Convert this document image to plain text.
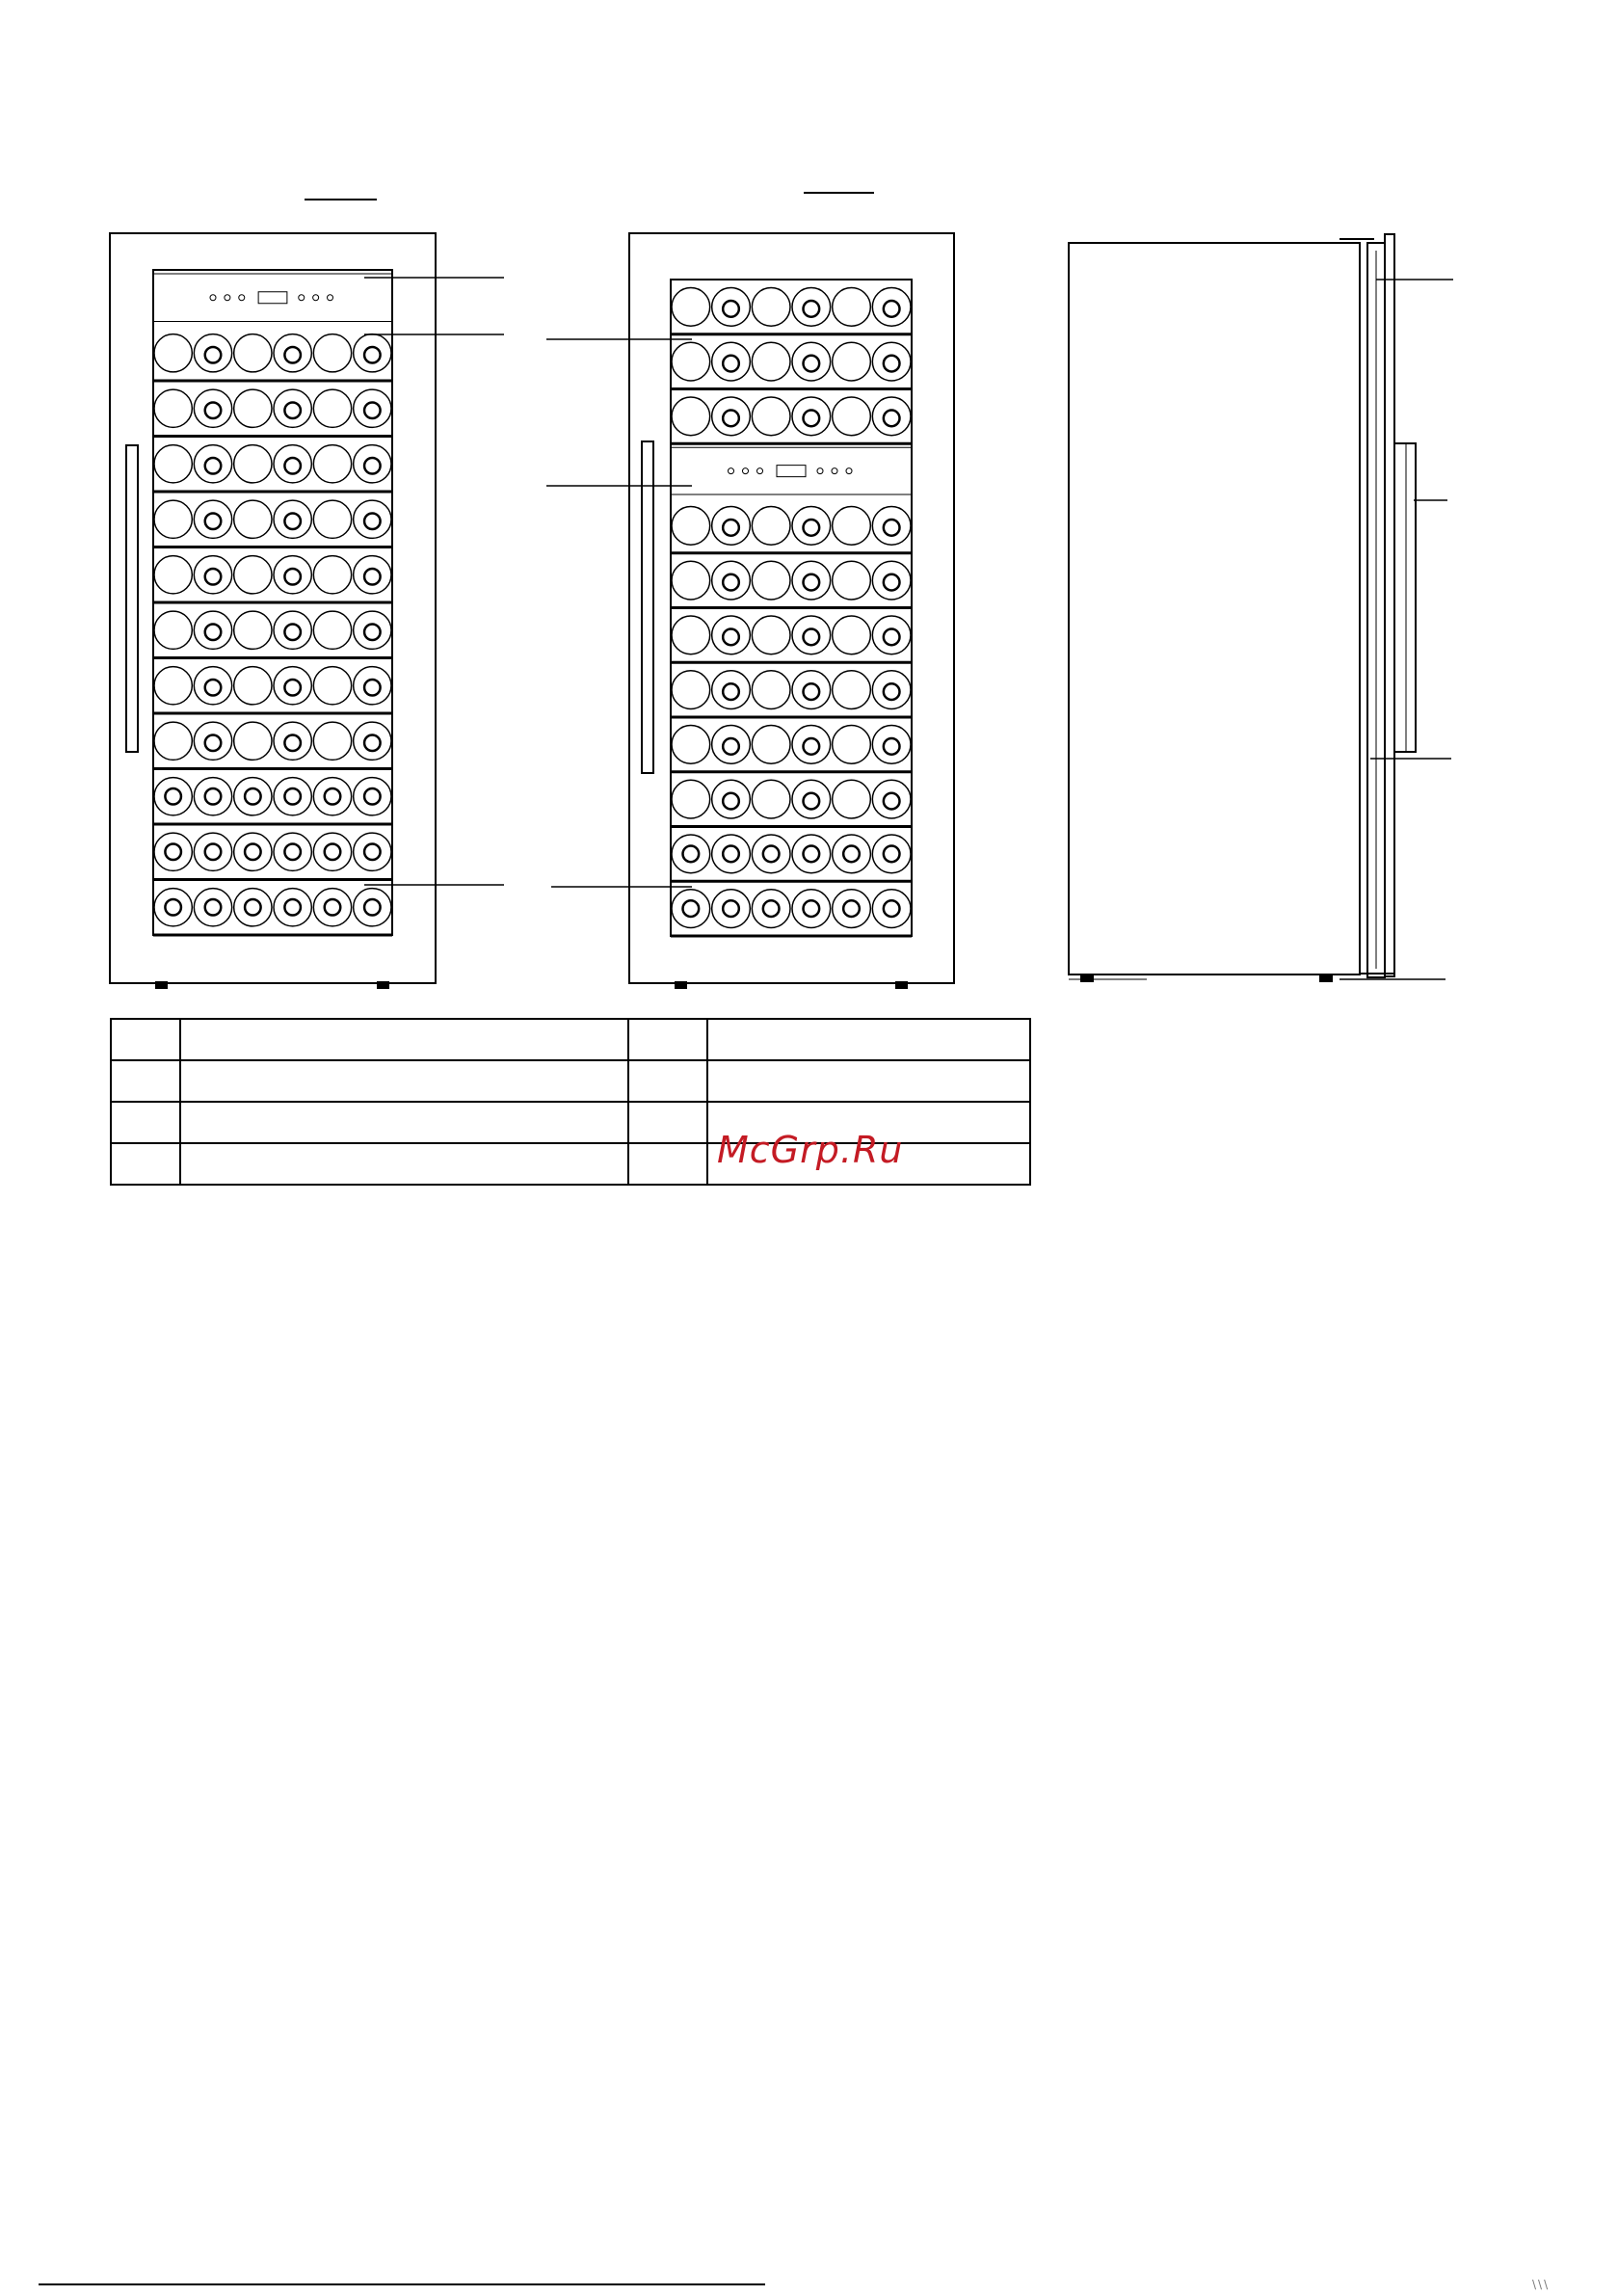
McGrp.Ru
\\\
